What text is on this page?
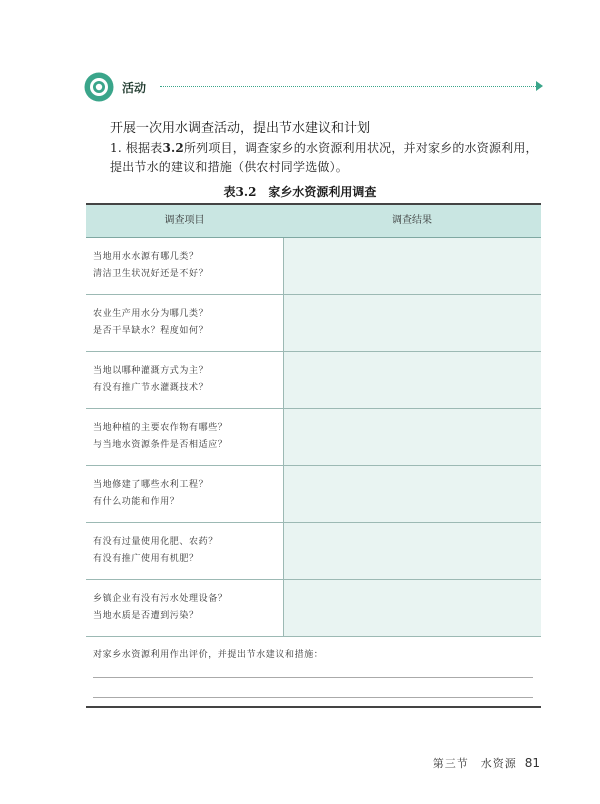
活动
开展一次用水调查活动，提出节水建议和计划
1. 根据表3.2所列项目，调查家乡的水资源利用状况，并对家乡的水资源利用，提出节水的建议和措施（供农村同学选做）。
表3.2　家乡水资源利用调查
调查项目	调查结果
当地用水水源有哪几类？
清洁卫生状况好还是不好？
农业生产用水分为哪几类？
是否干旱缺水？程度如何？
当地以哪种灌溉方式为主？
有没有推广节水灌溉技术？
当地种植的主要农作物有哪些？
与当地水资源条件是否相适应？
当地修建了哪些水利工程？
有什么功能和作用？
有没有过量使用化肥、农药？
有没有推广使用有机肥？
乡镇企业有没有污水处理设备？
当地水质是否遭到污染？
对家乡水资源利用作出评价，并提出节水建议和措施：
第三节　水资源 81
